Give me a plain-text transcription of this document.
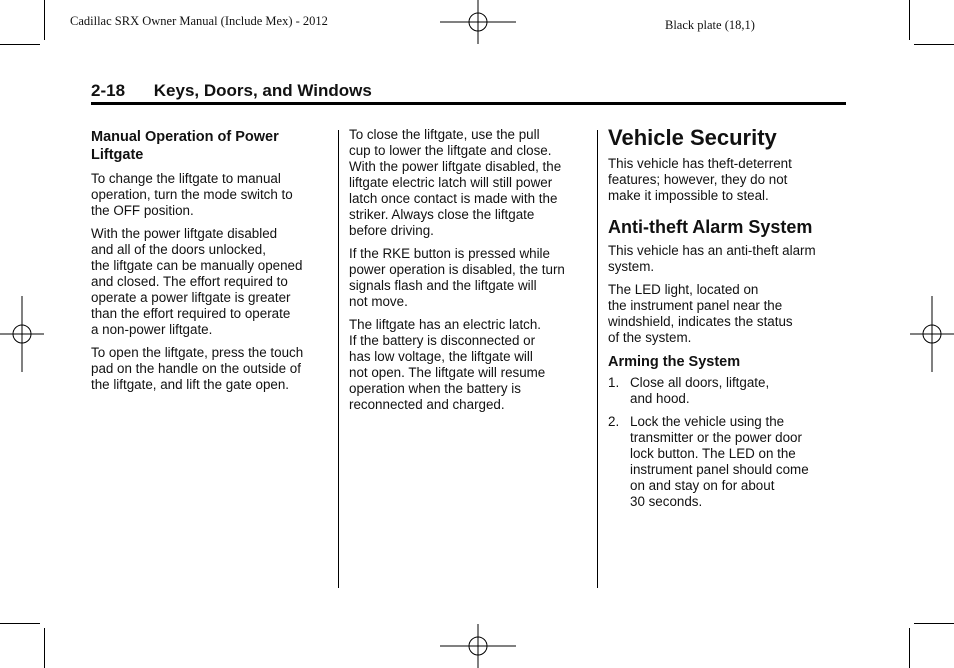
Cadillac SRX Owner Manual (Include Mex) - 2012	Black plate (18,1)
2-18 Keys, Doors, and Windows

Manual Operation of Power
Liftgate

To change the liftgate to manual
operation, turn the mode switch to
the OFF position.

With the power liftgate disabled
and all of the doors unlocked,
the liftgate can be manually opened
and closed. The effort required to
operate a power liftgate is greater
than the effort required to operate
a non-power liftgate.

To open the liftgate, press the touch
pad on the handle on the outside of
the liftgate, and lift the gate open.

To close the liftgate, use the pull
cup to lower the liftgate and close.
With the power liftgate disabled, the
liftgate electric latch will still power
latch once contact is made with the
striker. Always close the liftgate
before driving.

If the RKE button is pressed while
power operation is disabled, the turn
signals flash and the liftgate will
not move.

The liftgate has an electric latch.
If the battery is disconnected or
has low voltage, the liftgate will
not open. The liftgate will resume
operation when the battery is
reconnected and charged.

Vehicle Security

This vehicle has theft-deterrent
features; however, they do not
make it impossible to steal.

Anti-theft Alarm System

This vehicle has an anti-theft alarm
system.

The LED light, located on
the instrument panel near the
windshield, indicates the status
of the system.

Arming the System

1. Close all doors, liftgate,
and hood.
2. Lock the vehicle using the
transmitter or the power door
lock button. The LED on the
instrument panel should come
on and stay on for about
30 seconds.
